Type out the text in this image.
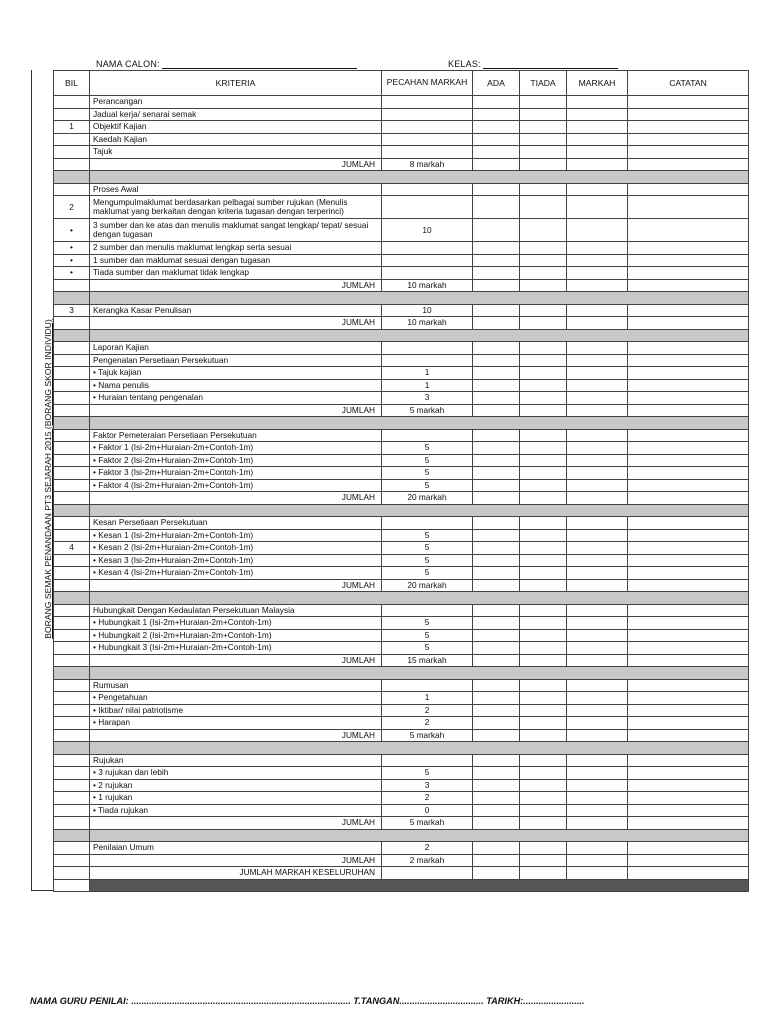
NAMA CALON:	KELAS:
BORANG SEMAK PENANDAAN PT3 SEJARAH 2015 (BORANG SKOR INDIVIDU)
BIL	KRITERIA	PECAHAN MARKAH	ADA	TIADA	MARKAH	CATATAN
	Perancangan					
	Jadual kerja/ senarai semak					
1	Objektif Kajian					
	Kaedah Kajian					
	Tajuk					
	JUMLAH	8 markah				

	Proses Awal					
2	Mengumpulmaklumat berdasarkan pelbagai sumber rujukan (Menulis maklumat yang berkaitan dengan kriteria tugasan dengan terperinci)					
•	3 sumber dan ke atas dan menulis maklumat sangat lengkap/ tepat/ sesuai dengan tugasan	10				
•	2 sumber dan menulis maklumat lengkap serta sesuai					
•	1 sumber dan maklumat sesuai dengan tugasan					
•	Tiada sumber dan maklumat tidak lengkap					
	JUMLAH	10 markah				

3	Kerangka Kasar Penulisan	10				
	JUMLAH	10 markah				

	Laporan Kajian					
	Pengenalan Persetiaan Persekutuan					
	• Tajuk kajian	1				
	• Nama penulis	1				
	• Huraian tentang pengenalan	3				
	JUMLAH	5 markah				

	Faktor Pemeteraian Persetiaan Persekutuan					
	• Faktor 1 (Isi-2m+Huraian-2m+Contoh-1m)	5				
	• Faktor 2 (Isi-2m+Huraian-2m+Contoh-1m)	5				
	• Faktor 3 (Isi-2m+Huraian-2m+Contoh-1m)	5				
	• Faktor 4 (Isi-2m+Huraian-2m+Contoh-1m)	5				
	JUMLAH	20 markah				

	Kesan Persetiaan Persekutuan					
	• Kesan 1 (Isi-2m+Huraian-2m+Contoh-1m)	5				
4	• Kesan 2 (Isi-2m+Huraian-2m+Contoh-1m)	5				
	• Kesan 3 (Isi-2m+Huraian-2m+Contoh-1m)	5				
	• Kesan 4 (Isi-2m+Huraian-2m+Contoh-1m)	5				
	JUMLAH	20 markah				

	Hubungkait Dengan Kedaulatan Persekutuan Malaysia					
	• Hubungkait 1 (Isi-2m+Huraian-2m+Contoh-1m)	5				
	• Hubungkait 2 (Isi-2m+Huraian-2m+Contoh-1m)	5				
	• Hubungkait 3 (Isi-2m+Huraian-2m+Contoh-1m)	5				
	JUMLAH	15 markah				

	Rumusan					
	• Pengetahuan	1				
	• Iktibar/ nilai patriotisme	2				
	• Harapan	2				
	JUMLAH	5 markah				

	Rujukan					
	• 3 rujukan dan lebih	5				
	• 2 rujukan	3				
	• 1 rujukan	2				
	• Tiada rujukan	0				
	JUMLAH	5 markah				

	Penilaian Umum	2				
	JUMLAH	2 markah				
	JUMLAH MARKAH KESELURUHAN					

NAMA GURU PENILAI: ...................................................................................... T.TANGAN................................. TARIKH:........................
